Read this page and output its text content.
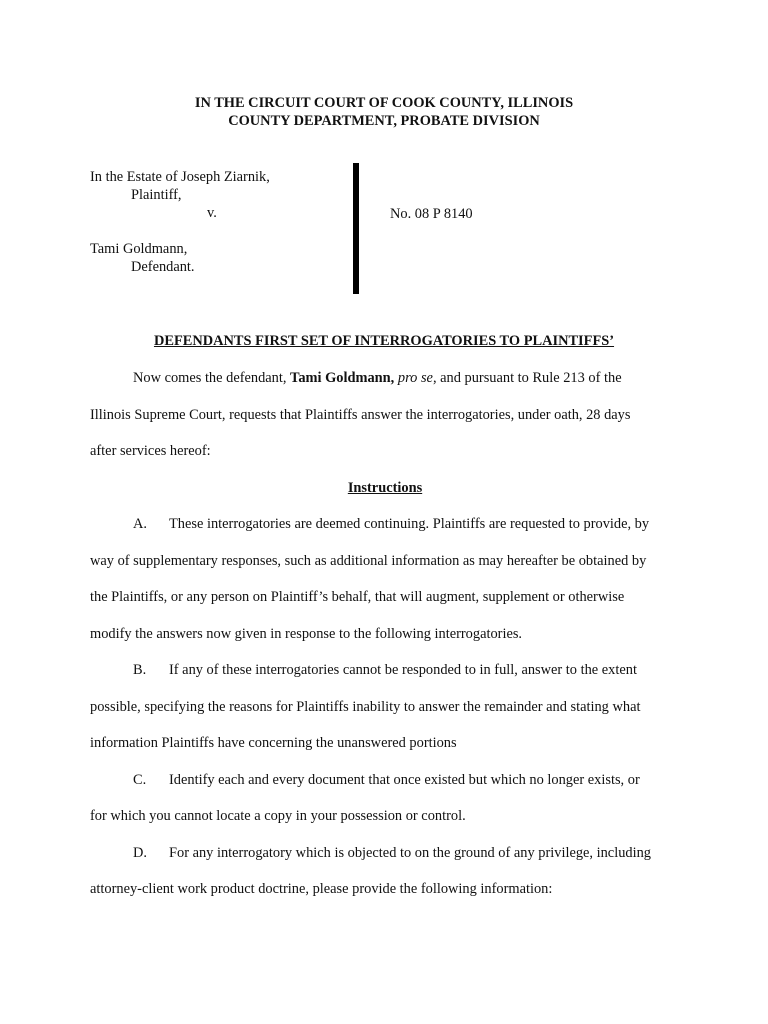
IN THE CIRCUIT COURT OF COOK COUNTY, ILLINOIS
COUNTY DEPARTMENT, PROBATE DIVISION
In the Estate of Joseph Ziarnik,
Plaintiff,
v.
Tami Goldmann,
Defendant.
No. 08 P 8140
DEFENDANTS FIRST SET OF INTERROGATORIES TO PLAINTIFFS’
Now comes the defendant, Tami Goldmann, pro se, and pursuant to Rule 213 of the
Illinois Supreme Court, requests that Plaintiffs answer the interrogatories, under oath, 28 days
after services hereof:
Instructions
A. These interrogatories are deemed continuing. Plaintiffs are requested to provide, by
way of supplementary responses, such as additional information as may hereafter be obtained by
the Plaintiffs, or any person on Plaintiff’s behalf, that will augment, supplement or otherwise
modify the answers now given in response to the following interrogatories.
B. If any of these interrogatories cannot be responded to in full, answer to the extent
possible, specifying the reasons for Plaintiffs inability to answer the remainder and stating what
information Plaintiffs have concerning the unanswered portions
C. Identify each and every document that once existed but which no longer exists, or
for which you cannot locate a copy in your possession or control.
D. For any interrogatory which is objected to on the ground of any privilege, including
attorney-client work product doctrine, please provide the following information:
